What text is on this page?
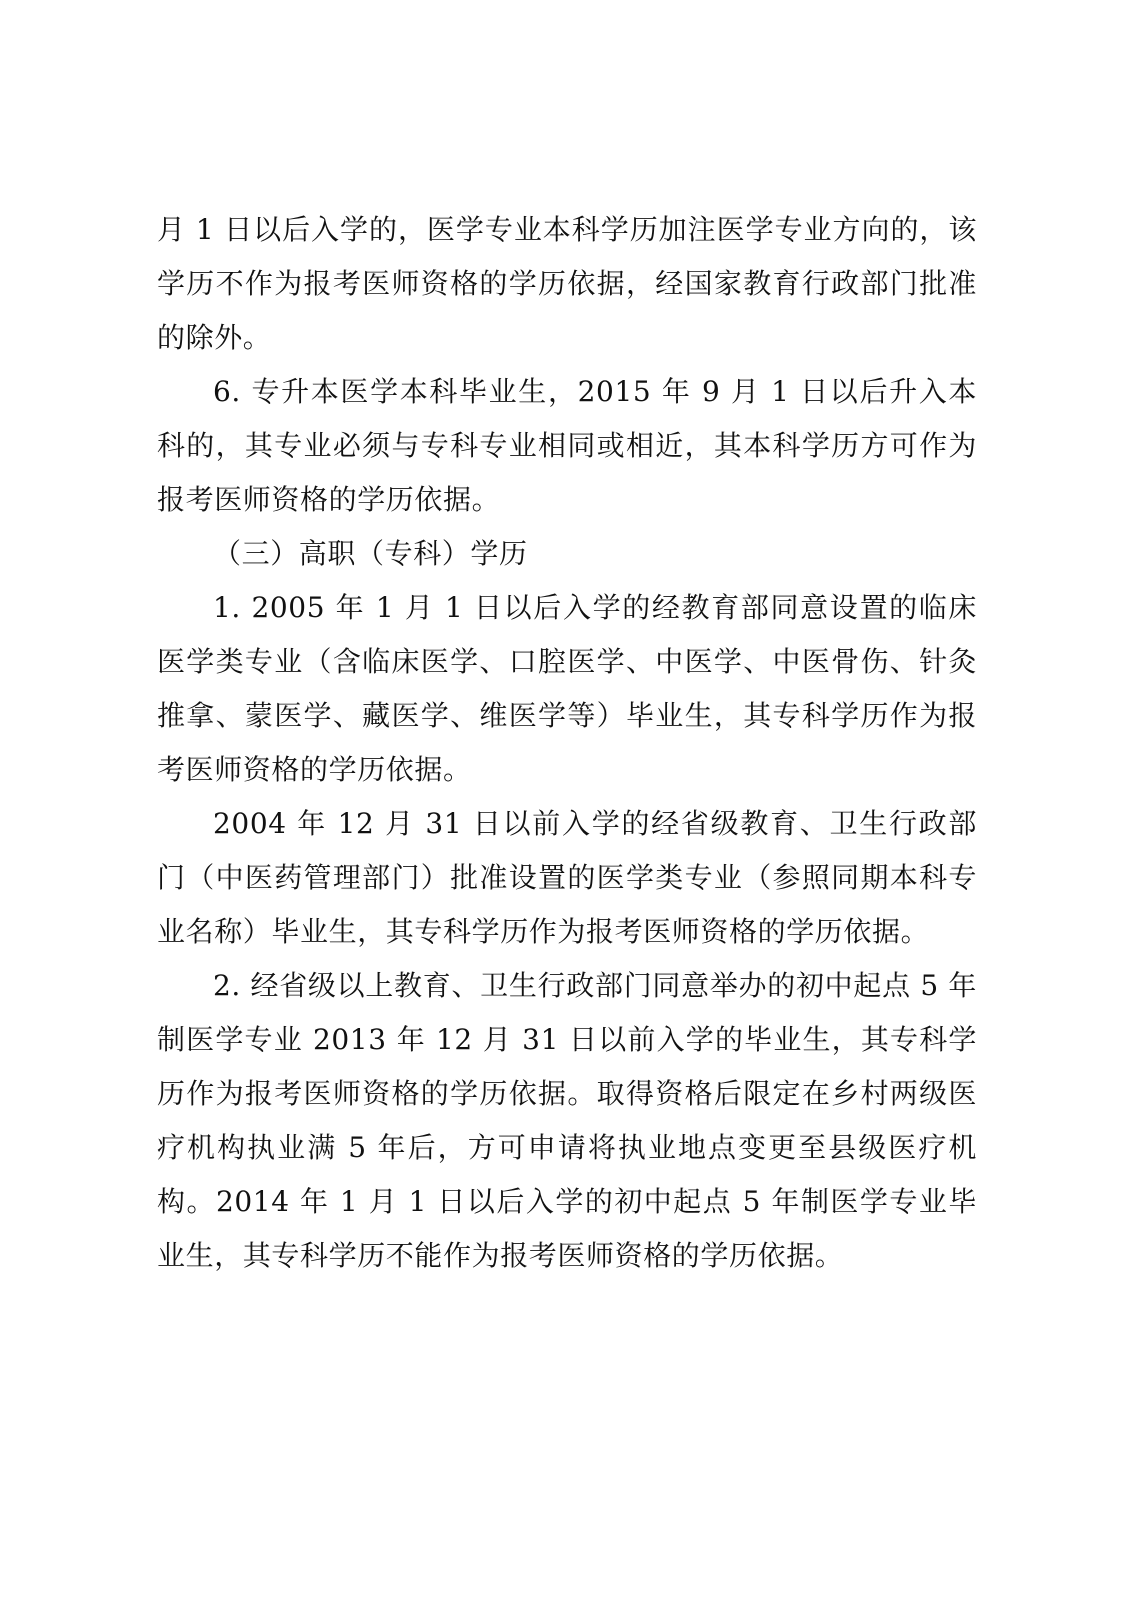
月 1 日以后入学的，医学专业本科学历加注医学专业方向的，该学历不作为报考医师资格的学历依据，经国家教育行政部门批准的除外。

6. 专升本医学本科毕业生，2015 年 9 月 1 日以后升入本科的，其专业必须与专科专业相同或相近，其本科学历方可作为报考医师资格的学历依据。

（三）高职（专科）学历

1. 2005 年 1 月 1 日以后入学的经教育部同意设置的临床医学类专业（含临床医学、口腔医学、中医学、中医骨伤、针灸推拿、蒙医学、藏医学、维医学等）毕业生，其专科学历作为报考医师资格的学历依据。

2004 年 12 月 31 日以前入学的经省级教育、卫生行政部门（中医药管理部门）批准设置的医学类专业（参照同期本科专业名称）毕业生，其专科学历作为报考医师资格的学历依据。

2. 经省级以上教育、卫生行政部门同意举办的初中起点 5 年制医学专业 2013 年 12 月 31 日以前入学的毕业生，其专科学历作为报考医师资格的学历依据。取得资格后限定在乡村两级医疗机构执业满 5 年后，方可申请将执业地点变更至县级医疗机构。2014 年 1 月 1 日以后入学的初中起点 5 年制医学专业毕业生，其专科学历不能作为报考医师资格的学历依据。
